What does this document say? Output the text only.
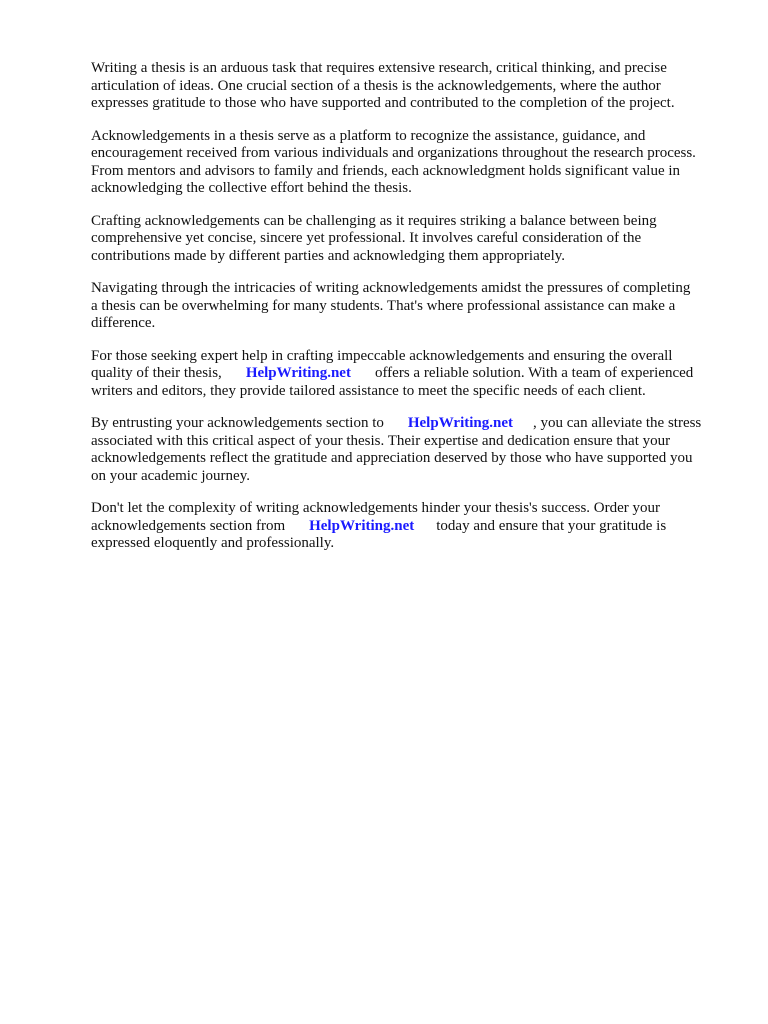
Writing a thesis is an arduous task that requires extensive research, critical thinking, and precise
articulation of ideas. One crucial section of a thesis is the acknowledgements, where the author
expresses gratitude to those who have supported and contributed to the completion of the project.

Acknowledgements in a thesis serve as a platform to recognize the assistance, guidance, and
encouragement received from various individuals and organizations throughout the research process.
From mentors and advisors to family and friends, each acknowledgment holds significant value in
acknowledging the collective effort behind the thesis.

Crafting acknowledgements can be challenging as it requires striking a balance between being
comprehensive yet concise, sincere yet professional. It involves careful consideration of the
contributions made by different parties and acknowledging them appropriately.

Navigating through the intricacies of writing acknowledgements amidst the pressures of completing
a thesis can be overwhelming for many students. That's where professional assistance can make a
difference.

For those seeking expert help in crafting impeccable acknowledgements and ensuring the overall
quality of their thesis, HelpWriting.net offers a reliable solution. With a team of experienced
writers and editors, they provide tailored assistance to meet the specific needs of each client.

By entrusting your acknowledgements section to HelpWriting.net , you can alleviate the stress
associated with this critical aspect of your thesis. Their expertise and dedication ensure that your
acknowledgements reflect the gratitude and appreciation deserved by those who have supported you
on your academic journey.

Don't let the complexity of writing acknowledgements hinder your thesis's success. Order your
acknowledgements section from HelpWriting.net today and ensure that your gratitude is
expressed eloquently and professionally.
